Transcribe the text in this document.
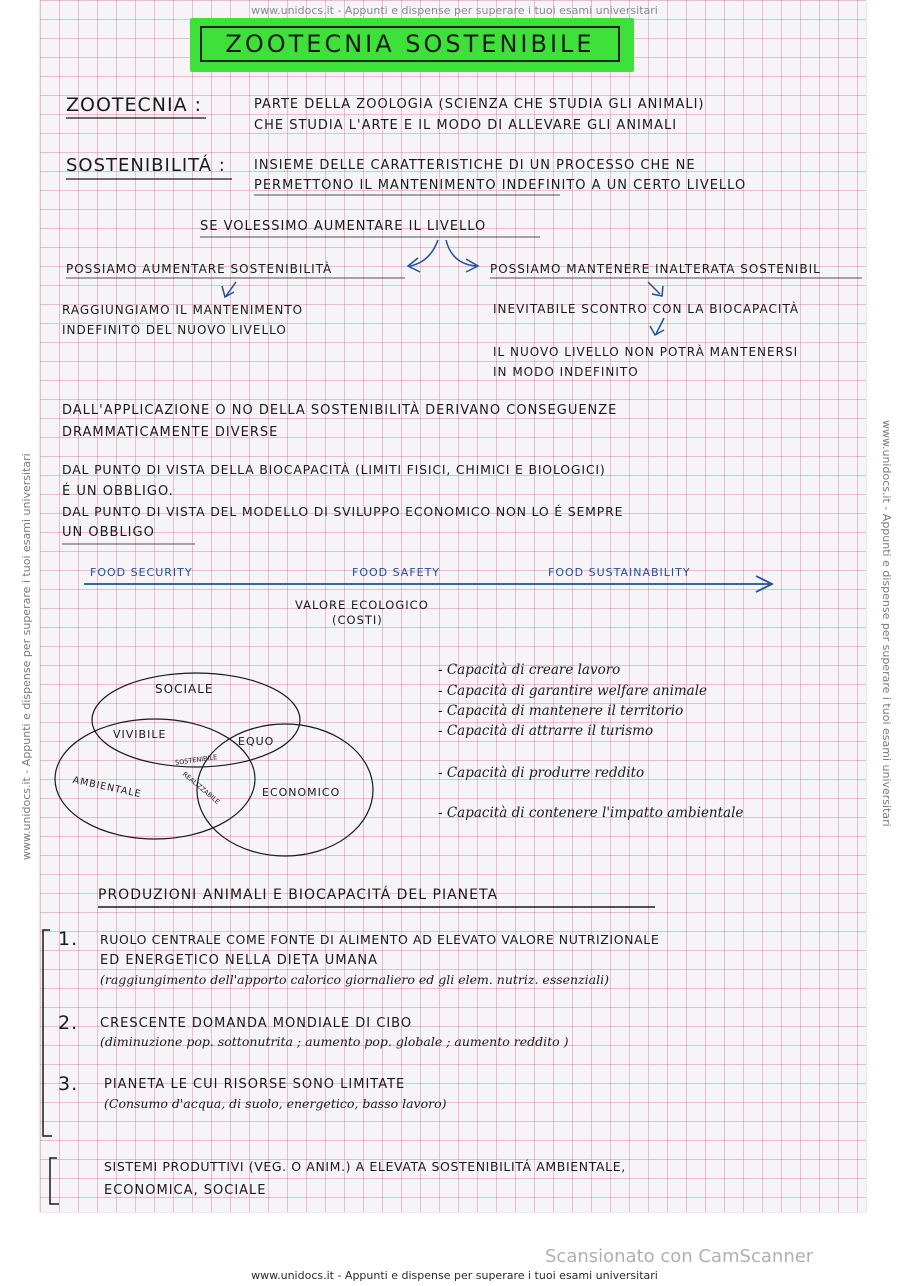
www.unidocs.it - Appunti e dispense per superare i tuoi esami universitari
www.unidocs.it - Appunti e dispense per superare i tuoi esami universitari	www.unidocs.it - Appunti e dispense per superare i tuoi esami universitari
ZOOTECNIA SOSTENIBILE
ZOOTECNIA :	PARTE DELLA ZOOLOGIA (SCIENZA CHE STUDIA GLI ANIMALI)
CHE STUDIA L'ARTE E IL MODO DI ALLEVARE GLI ANIMALI
SOSTENIBILITÁ : INSIEME DELLE CARATTERISTICHE DI UN PROCESSO CHE NE
PERMETTONO IL MANTENIMENTO INDEFINITO A UN CERTO LIVELLO
SE VOLESSIMO AUMENTARE IL LIVELLO
POSSIAMO AUMENTARE SOSTENIBILITÀ	POSSIAMO MANTENERE INALTERATA SOSTENIBIL
RAGGIUNGIAMO IL MANTENIMENTO
INDEFINITO DEL NUOVO LIVELLO
INEVITABILE SCONTRO CON LA BIOCAPACITÀ
IL NUOVO LIVELLO NON POTRÀ MANTENERSI
IN MODO INDEFINITO
DALL'APPLICAZIONE O NO DELLA SOSTENIBILITÀ DERIVANO CONSEGUENZE
DRAMMATICAMENTE DIVERSE
DAL PUNTO DI VISTA DELLA BIOCAPACITÀ (LIMITI FISICI, CHIMICI E BIOLOGICI)
É UN OBBLIGO.
DAL PUNTO DI VISTA DEL MODELLO DI SVILUPPO ECONOMICO NON LO É SEMPRE
UN OBBLIGO
FOOD SECURITY	FOOD SAFETY	FOOD SUSTAINABILITY
VALORE ECOLOGICO
(COSTI)
SOCIALE
VIVIBILE
EQUO
SOSTENIBILE
AMBIENTALE	REALIZZABILE	ECONOMICO
- Capacità di creare lavoro
- Capacità di garantire welfare animale
- Capacità di mantenere il territorio
- Capacità di attrarre il turismo
- Capacità di produrre reddito
- Capacità di contenere l'impatto ambientale
PRODUZIONI ANIMALI E BIOCAPACITÁ DEL PIANETA
1. RUOLO CENTRALE COME FONTE DI ALIMENTO AD ELEVATO VALORE NUTRIZIONALE
ED ENERGETICO NELLA DIETA UMANA
(raggiungimento dell'apporto calorico giornaliero ed gli elem. nutriz. essenziali)
2. CRESCENTE DOMANDA MONDIALE DI CIBO
(diminuzione pop. sottonutrita ; aumento pop. globale ; aumento reddito )
3. PIANETA LE CUI RISORSE SONO LIMITATE
(Consumo d'acqua, di suolo, energetico, basso lavoro)
SISTEMI PRODUTTIVI (VEG. O ANIM.) A ELEVATA SOSTENIBILITÁ AMBIENTALE,
ECONOMICA, SOCIALE
Scansionato con CamScanner
www.unidocs.it - Appunti e dispense per superare i tuoi esami universitari
